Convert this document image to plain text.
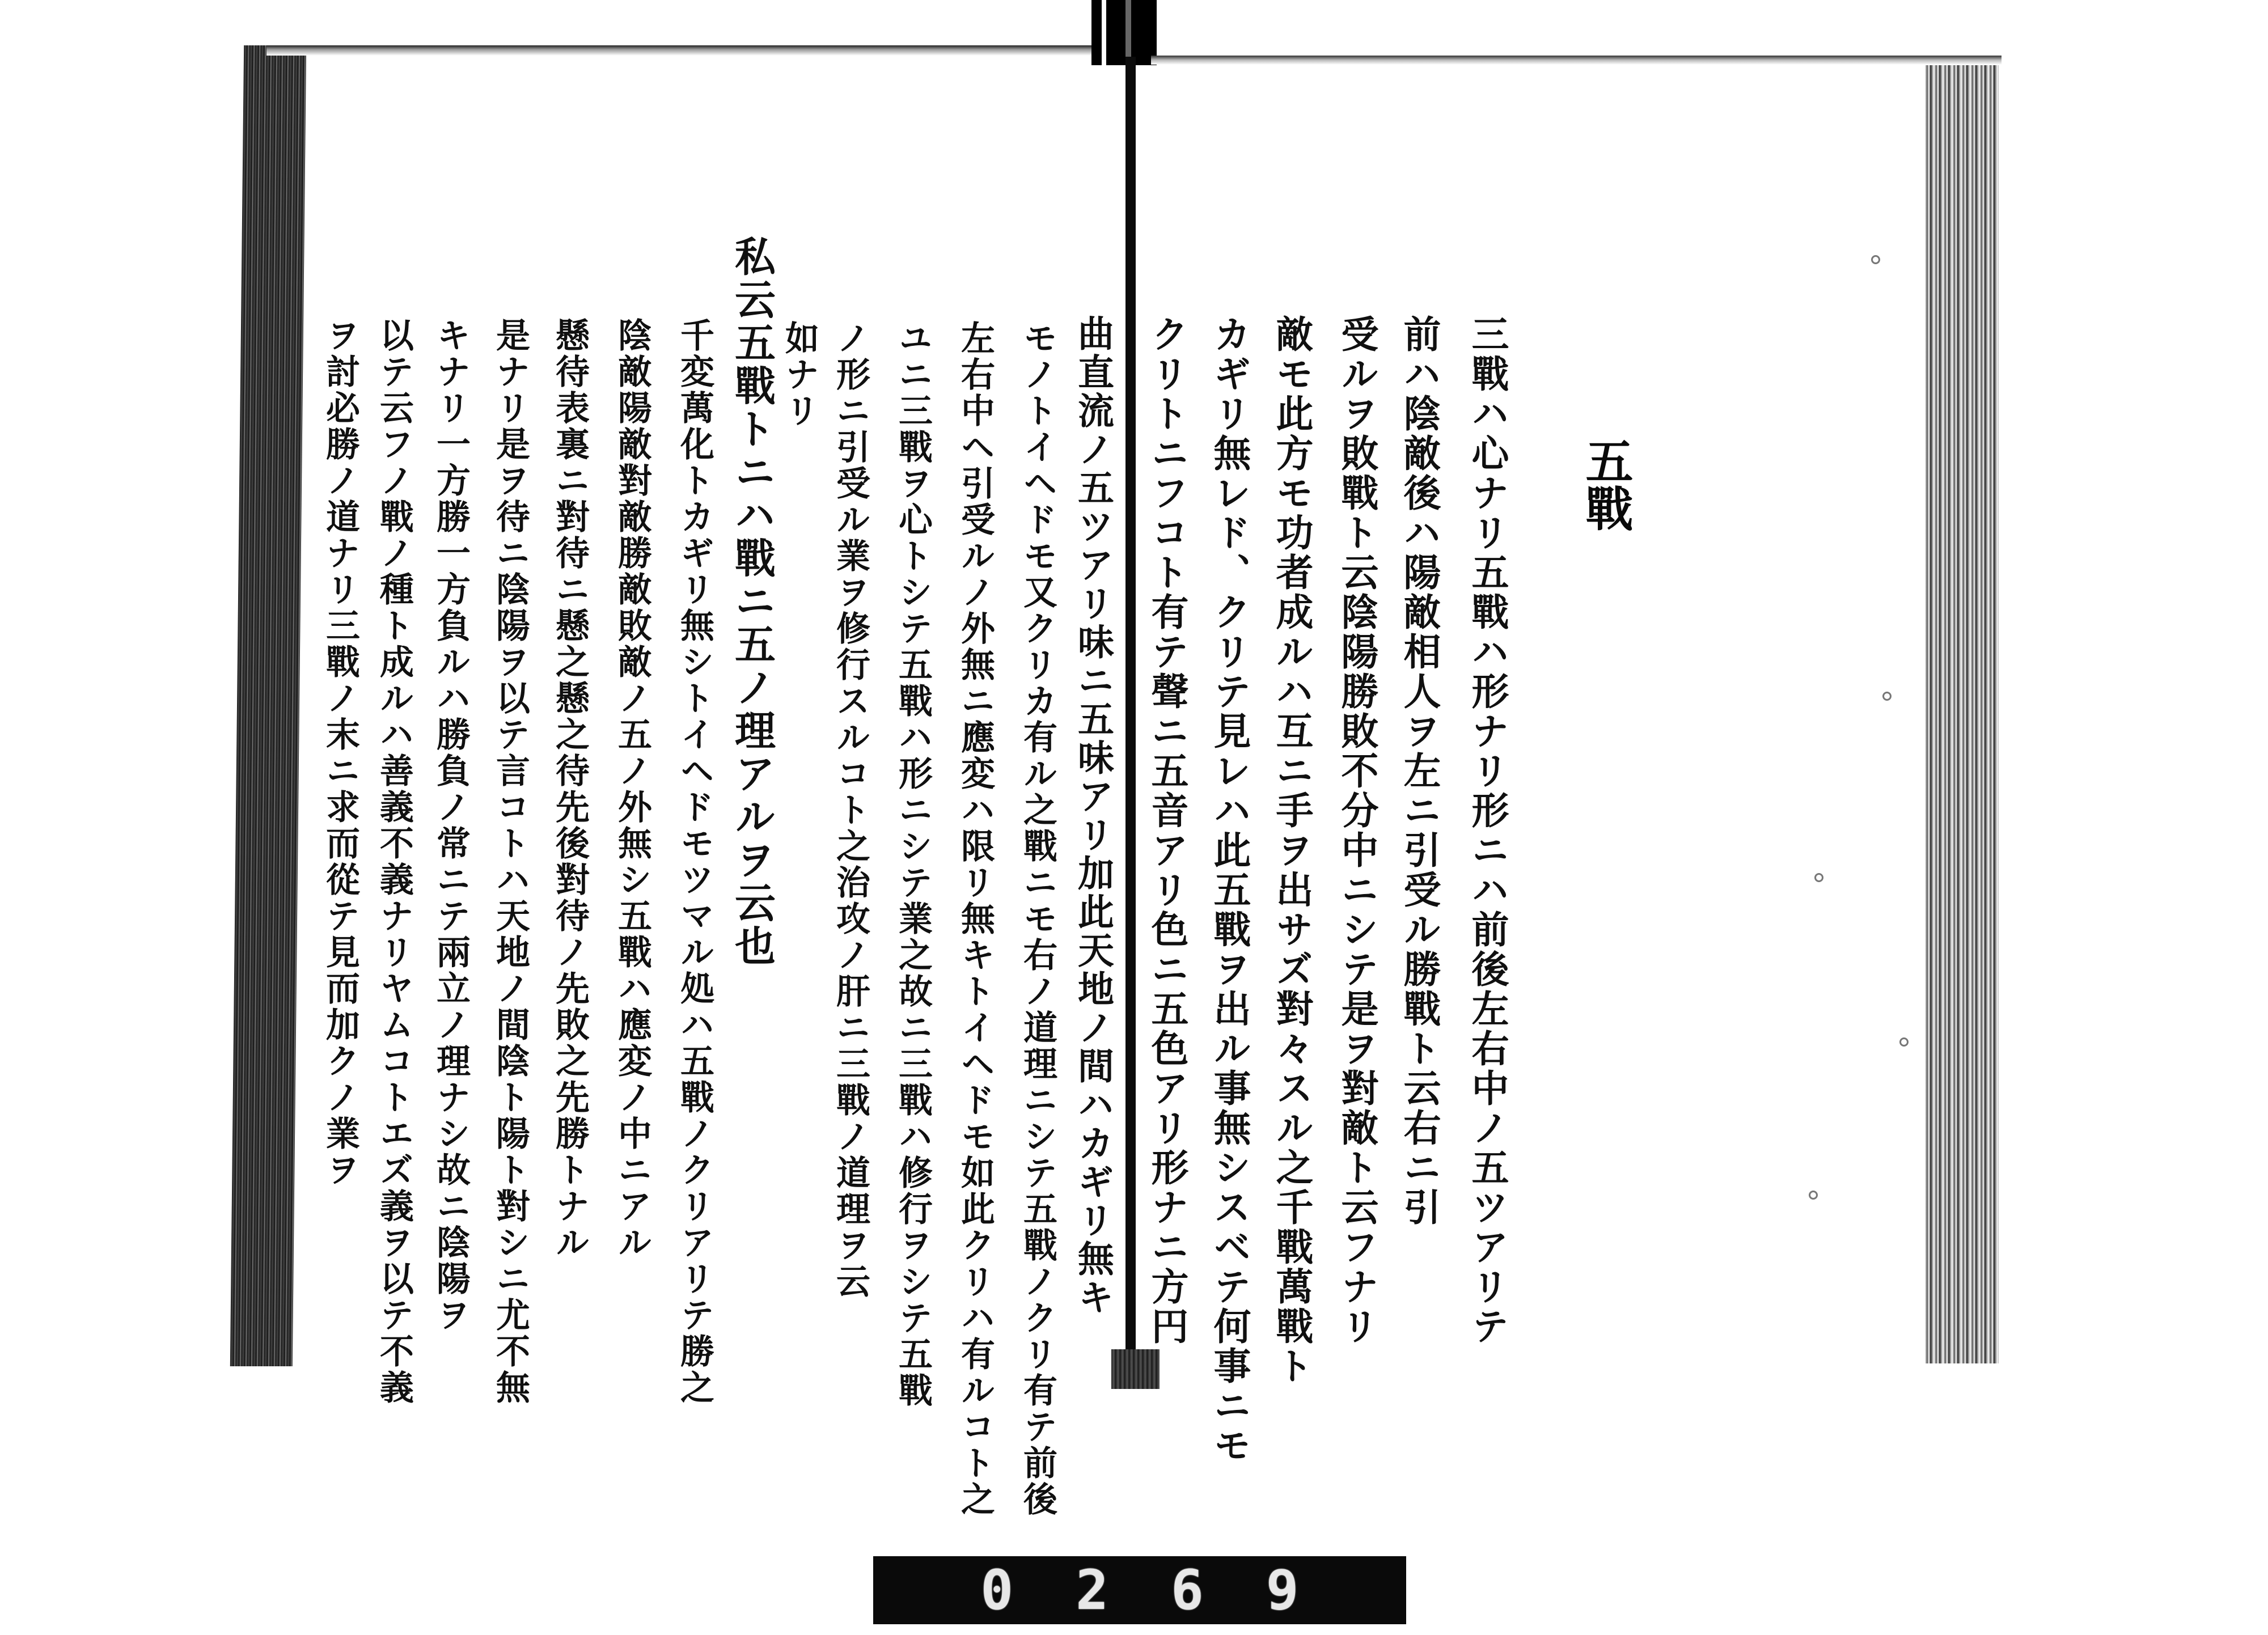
五戰
三戰ハ心ナリ五戰ハ形ナリ形ニハ前後左右中ノ五ツアリテ
前ハ陰敵後ハ陽敵相人ヲ左ニ引受ル勝戰ト云右ニ引
受ルヲ敗戰ト云陰陽勝敗不分中ニシテ是ヲ對敵ト云フナリ
敵モ此方モ功者成ルハ互ニ手ヲ出サズ對々スル之千戰萬戰ト
カギリ無レド、クリテ見レハ此五戰ヲ出ル事無シスベテ何事ニモ
クリトニフコト有テ聲ニ五音アリ色ニ五色アリ形ナニ方円
曲直流ノ五ツアリ味ニ五味アリ加此天地ノ間ハカギリ無キ
モノトイヘドモ又クリカ有ル之戰ニモ右ノ道理ニシテ五戰ノクリ有テ前後
左右中ヘ引受ルノ外無ニ應変ハ限リ無キトイヘドモ如此クリハ有ルコト之
ユニ三戰ヲ心トシテ五戰ハ形ニシテ業之故ニ三戰ハ修行ヲシテ五戰
ノ形ニ引受ル業ヲ修行スルコト之治攻ノ肝ニ三戰ノ道理ヲ云
如ナリ
私云五戰トニハ戰ニ五ノ理アルヲ云也
千変萬化トカギリ無シトイヘドモツマル処ハ五戰ノクリアリテ勝之
陰敵陽敵對敵勝敵敗敵ノ五ノ外無シ五戰ハ應変ノ中ニアル
懸待表裏ニ對待ニ懸之懸之待先後對待ノ先敗之先勝トナル
是ナリ是ヲ待ニ陰陽ヲ以テ言コトハ天地ノ間陰ト陽ト對シニ尤不無
キナリ一方勝一方負ルハ勝負ノ常ニテ兩立ノ理ナシ故ニ陰陽ヲ
以テ云フノ戰ノ種ト成ルハ善義不義ナリヤムコトエズ義ヲ以テ不義
ヲ討必勝ノ道ナリ三戰ノ末ニ求而從テ見而加クノ業ヲ
0 2 6 9
